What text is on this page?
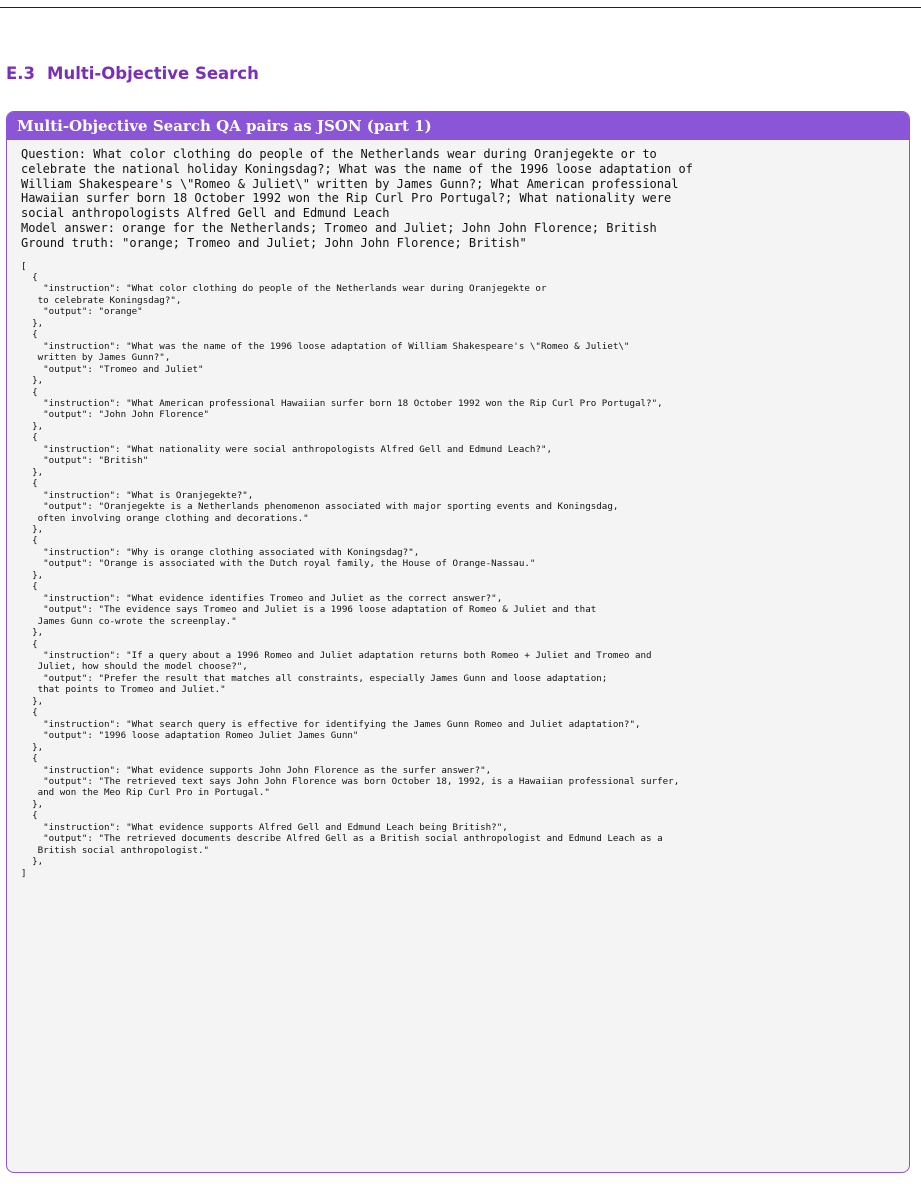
E.3 Multi-Objective Search
Multi-Objective Search QA pairs as JSON (part 1)
Question: What color clothing do people of the Netherlands wear during Oranjegekte or to
celebrate the national holiday Koningsdag?; What was the name of the 1996 loose adaptation of
William Shakespeare's \"Romeo & Juliet\" written by James Gunn?; What American professional
Hawaiian surfer born 18 October 1992 won the Rip Curl Pro Portugal?; What nationality were
social anthropologists Alfred Gell and Edmund Leach
Model answer: orange for the Netherlands; Tromeo and Juliet; John John Florence; British
Ground truth: "orange; Tromeo and Juliet; John John Florence; British"
[
{
"instruction": "What color clothing do people of the Netherlands wear during Oranjegekte or
to celebrate Koningsdag?",
"output": "orange"
},
{
"instruction": "What was the name of the 1996 loose adaptation of William Shakespeare's \"Romeo & Juliet\"
written by James Gunn?",
"output": "Tromeo and Juliet"
},
{
"instruction": "What American professional Hawaiian surfer born 18 October 1992 won the Rip Curl Pro Portugal?",
"output": "John John Florence"
},
{
"instruction": "What nationality were social anthropologists Alfred Gell and Edmund Leach?",
"output": "British"
},
{
"instruction": "What is Oranjegekte?",
"output": "Oranjegekte is a Netherlands phenomenon associated with major sporting events and Koningsdag,
often involving orange clothing and decorations."
},
{
"instruction": "Why is orange clothing associated with Koningsdag?",
"output": "Orange is associated with the Dutch royal family, the House of Orange-Nassau."
},
{
"instruction": "What evidence identifies Tromeo and Juliet as the correct answer?",
"output": "The evidence says Tromeo and Juliet is a 1996 loose adaptation of Romeo & Juliet and that
James Gunn co-wrote the screenplay."
},
{
"instruction": "If a query about a 1996 Romeo and Juliet adaptation returns both Romeo + Juliet and Tromeo and
Juliet, how should the model choose?",
"output": "Prefer the result that matches all constraints, especially James Gunn and loose adaptation;
that points to Tromeo and Juliet."
},
{
"instruction": "What search query is effective for identifying the James Gunn Romeo and Juliet adaptation?",
"output": "1996 loose adaptation Romeo Juliet James Gunn"
},
{
"instruction": "What evidence supports John John Florence as the surfer answer?",
"output": "The retrieved text says John John Florence was born October 18, 1992, is a Hawaiian professional surfer,
and won the Meo Rip Curl Pro in Portugal."
},
{
"instruction": "What evidence supports Alfred Gell and Edmund Leach being British?",
"output": "The retrieved documents describe Alfred Gell as a British social anthropologist and Edmund Leach as a
British social anthropologist."
},
]
